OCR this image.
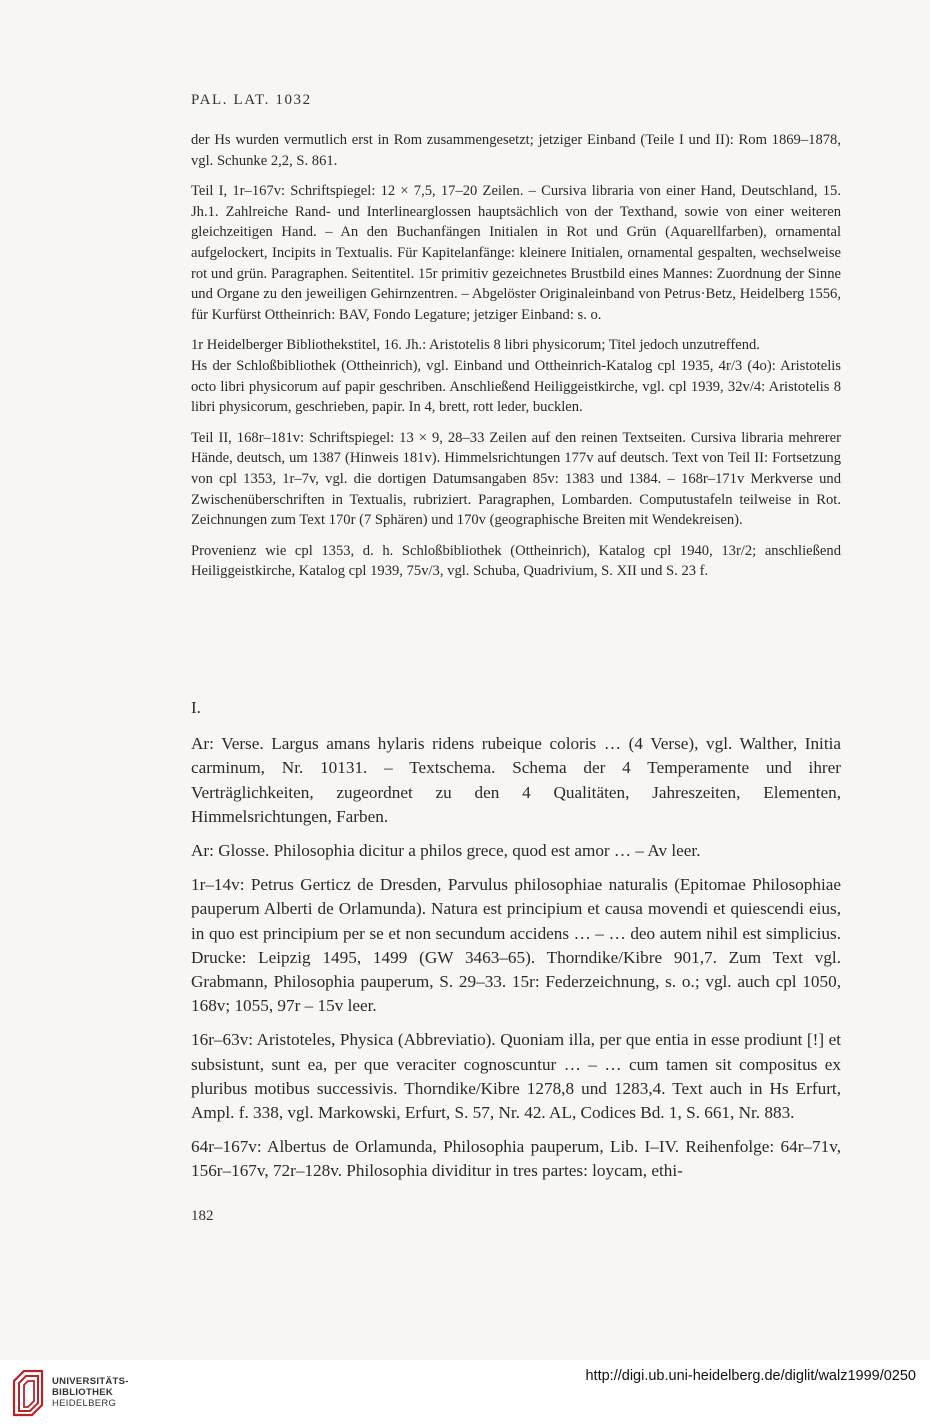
PAL. LAT. 1032

der Hs wurden vermutlich erst in Rom zusammengesetzt; jetziger Einband (Teile I und II): Rom 1869–1878, vgl. Schunke 2,2, S. 861.

Teil I, 1r–167v: Schriftspiegel: 12 × 7,5, 17–20 Zeilen. – Cursiva libraria von einer Hand, Deutschland, 15. Jh.1. Zahlreiche Rand- und Interlinearglossen hauptsächlich von der Texthand, sowie von einer weiteren gleichzeitigen Hand. – An den Buchanfängen Initialen in Rot und Grün (Aquarellfarben), ornamental aufgelockert, Incipits in Textualis. Für Kapitelanfänge: kleinere Initialen, ornamental gespalten, wechselweise rot und grün. Paragraphen. Seitentitel. 15r primitiv gezeichnetes Brustbild eines Mannes: Zuordnung der Sinne und Organe zu den jeweiligen Gehirnzentren. – Abgelöster Originaleinband von Petrus·Betz, Heidelberg 1556, für Kurfürst Ottheinrich: BAV, Fondo Legature; jetziger Einband: s. o.

1r Heidelberger Bibliothekstitel, 16. Jh.: Aristotelis 8 libri physicorum; Titel jedoch unzutreffend.

Hs der Schloßbibliothek (Ottheinrich), vgl. Einband und Ottheinrich-Katalog cpl 1935, 4r/3 (4o): Aristotelis octo libri physicorum auf papir geschriben. Anschließend Heiliggeistkirche, vgl. cpl 1939, 32v/4: Aristotelis 8 libri physicorum, geschrieben, papir. In 4, brett, rott leder, bucklen.

Teil II, 168r–181v: Schriftspiegel: 13 × 9, 28–33 Zeilen auf den reinen Textseiten. Cursiva libraria mehrerer Hände, deutsch, um 1387 (Hinweis 181v). Himmelsrichtungen 177v auf deutsch. Text von Teil II: Fortsetzung von cpl 1353, 1r–7v, vgl. die dortigen Datumsangaben 85v: 1383 und 1384. – 168r–171v Merkverse und Zwischenüberschriften in Textualis, rubriziert. Paragraphen, Lombarden. Computustafeln teilweise in Rot. Zeichnungen zum Text 170r (7 Sphären) und 170v (geographische Breiten mit Wendekreisen).

Provenienz wie cpl 1353, d. h. Schloßbibliothek (Ottheinrich), Katalog cpl 1940, 13r/2; anschließend Heiliggeistkirche, Katalog cpl 1939, 75v/3, vgl. Schuba, Quadrivium, S. XII und S. 23 f.

I.

Ar: Verse. Largus amans hylaris ridens rubeique coloris … (4 Verse), vgl. Walther, Initia carminum, Nr. 10131. – Textschema. Schema der 4 Temperamente und ihrer Verträglichkeiten, zugeordnet zu den 4 Qualitäten, Jahreszeiten, Elementen, Himmelsrichtungen, Farben.

Ar: Glosse. Philosophia dicitur a philos grece, quod est amor … – Av leer.

1r–14v: Petrus Gerticz de Dresden, Parvulus philosophiae naturalis (Epitomae Philosophiae pauperum Alberti de Orlamunda). Natura est principium et causa movendi et quiescendi eius, in quo est principium per se et non secundum accidens … – … deo autem nihil est simplicius. Drucke: Leipzig 1495, 1499 (GW 3463–65). Thorndike/Kibre 901,7. Zum Text vgl. Grabmann, Philosophia pauperum, S. 29–33. 15r: Federzeichnung, s. o.; vgl. auch cpl 1050, 168v; 1055, 97r – 15v leer.

16r–63v: Aristoteles, Physica (Abbreviatio). Quoniam illa, per que entia in esse prodiunt [!] et subsistunt, sunt ea, per que veraciter cognoscuntur … – … cum tamen sit compositus ex pluribus motibus successivis. Thorndike/Kibre 1278,8 und 1283,4. Text auch in Hs Erfurt, Ampl. f. 338, vgl. Markowski, Erfurt, S. 57, Nr. 42. AL, Codices Bd. 1, S. 661, Nr. 883.

64r–167v: Albertus de Orlamunda, Philosophia pauperum, Lib. I–IV. Reihenfolge: 64r–71v, 156r–167v, 72r–128v. Philosophia dividitur in tres partes: loycam, ethi-

182
UNIVERSITÄTS-
BIBLIOTHEK
HEIDELBERG
http://digi.ub.uni-heidelberg.de/diglit/walz1999/0250
